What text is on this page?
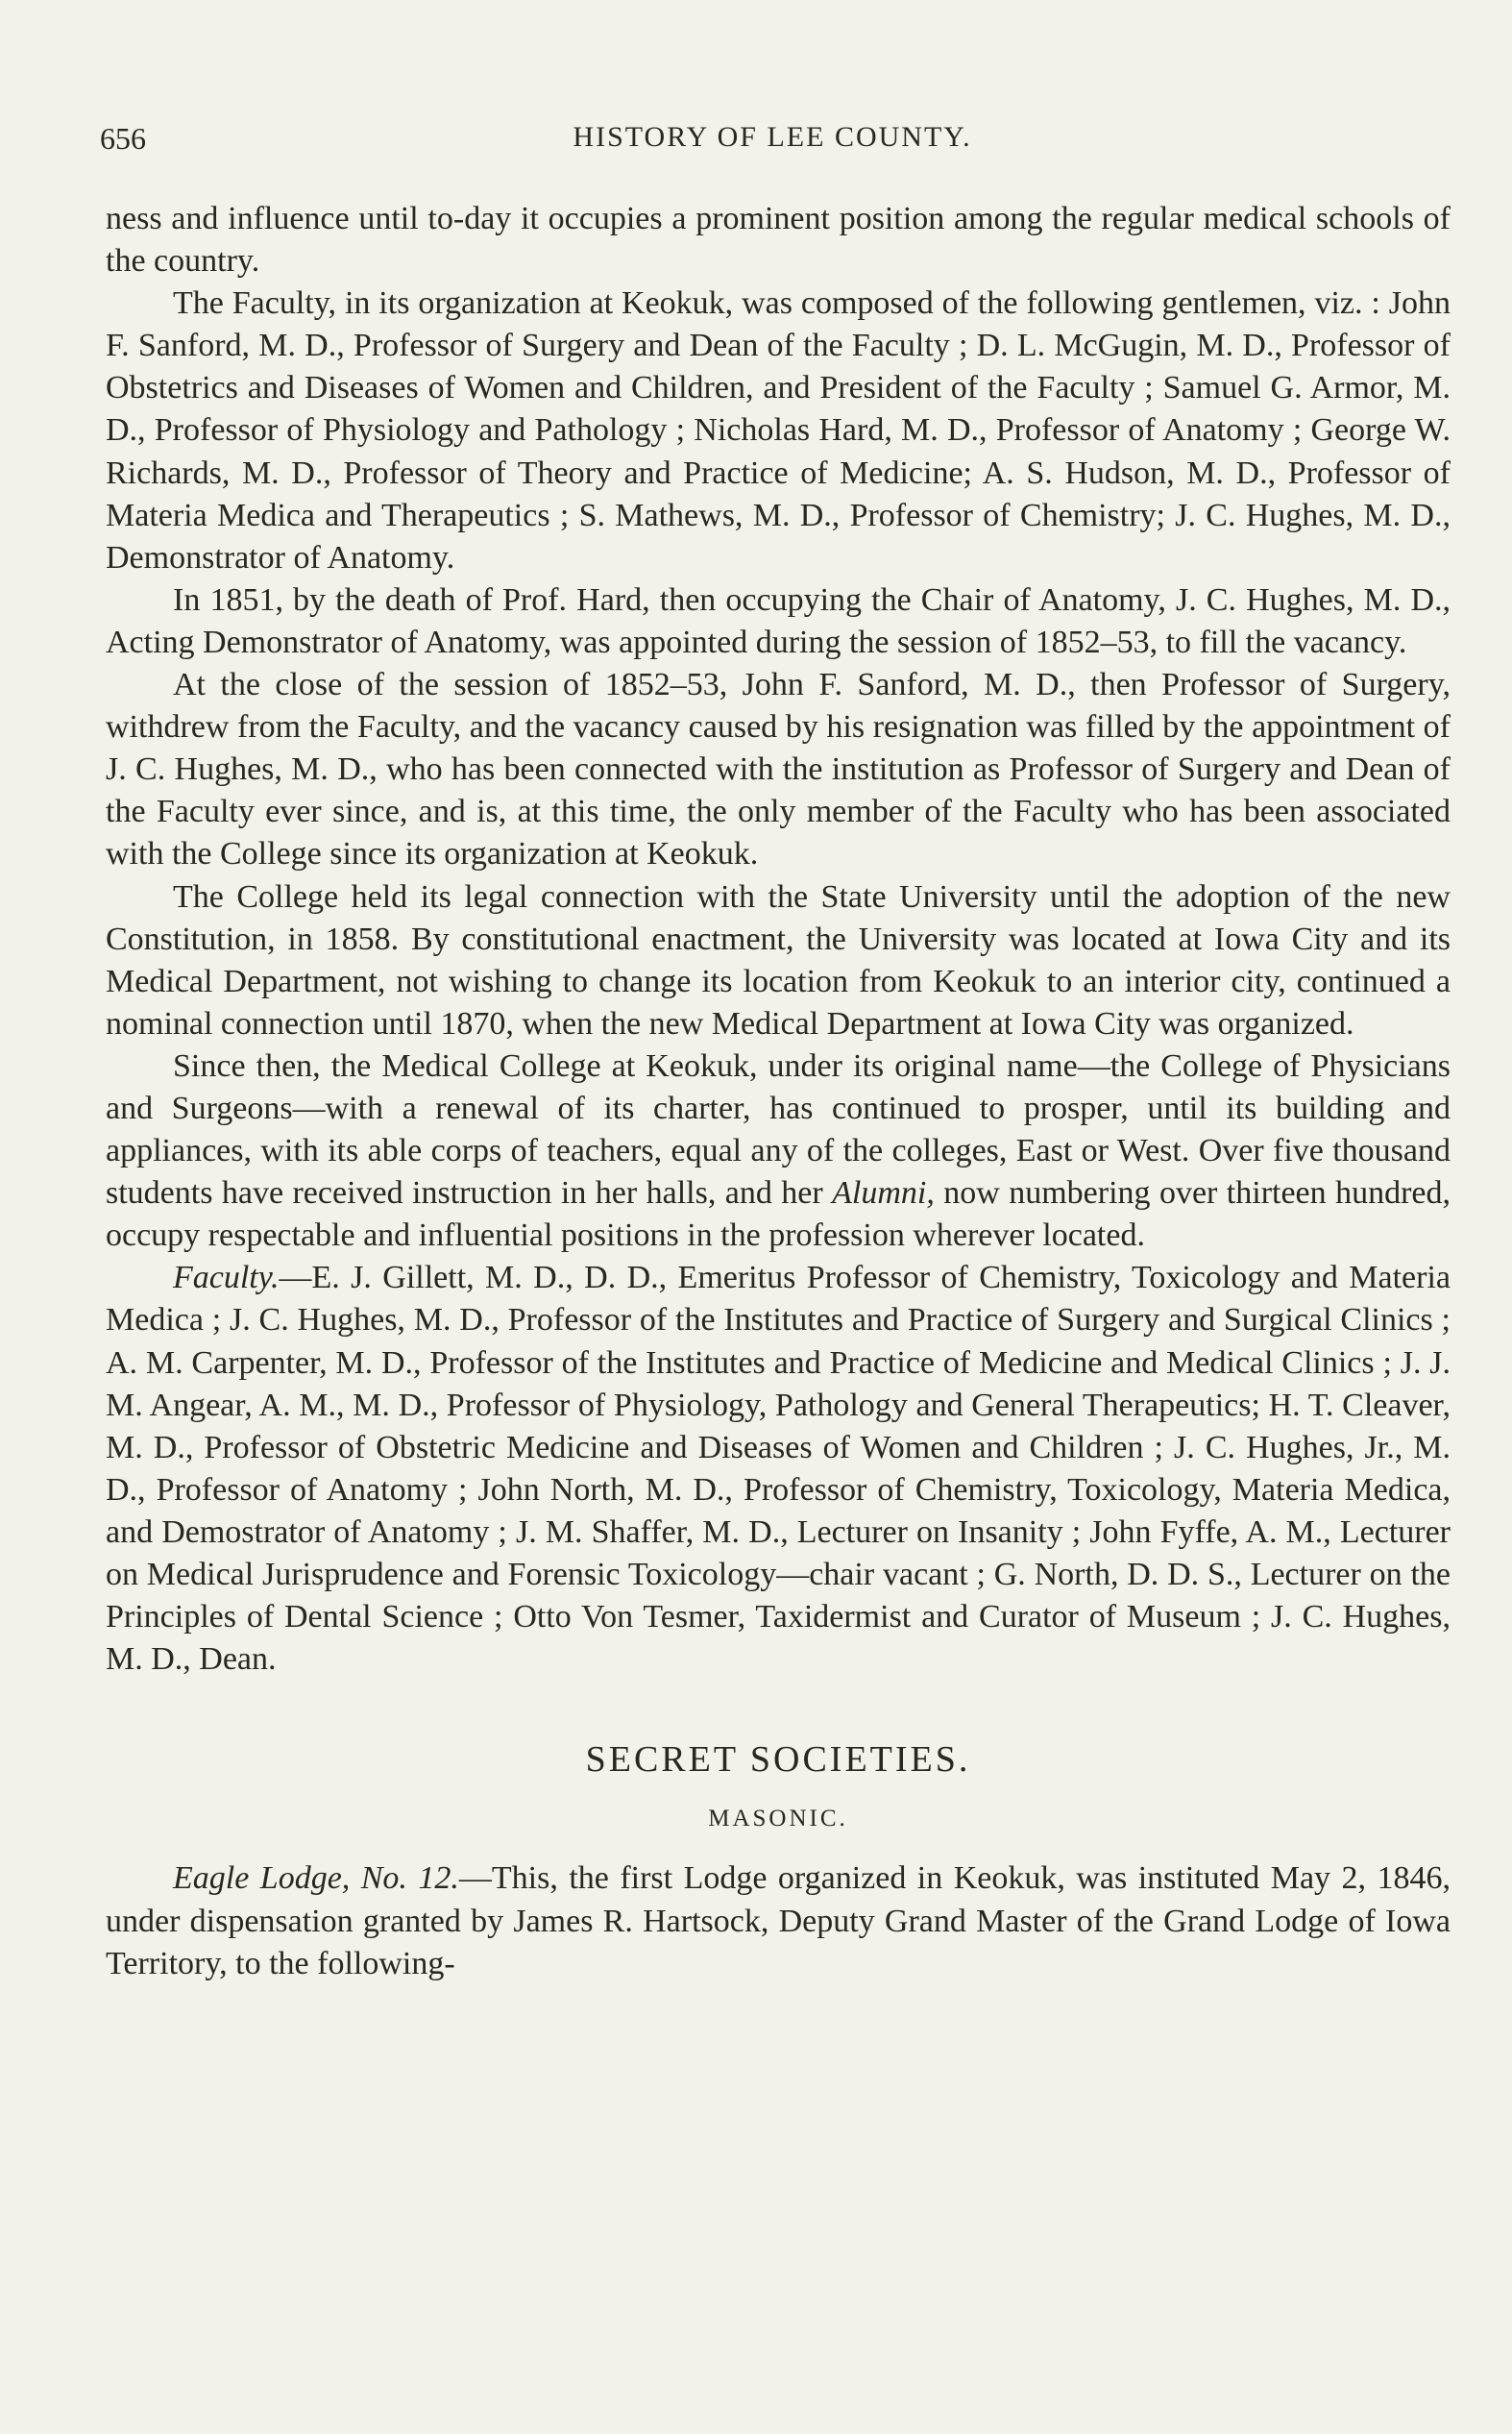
656	HISTORY OF LEE COUNTY.

ness and influence until to-day it occupies a prominent position among the regular medical schools of the country.

The Faculty, in its organization at Keokuk, was composed of the following gentlemen, viz. : John F. Sanford, M. D., Professor of Surgery and Dean of the Faculty ; D. L. McGugin, M. D., Professor of Obstetrics and Diseases of Women and Children, and President of the Faculty ; Samuel G. Armor, M. D., Professor of Physiology and Pathology ; Nicholas Hard, M. D., Professor of Anatomy ; George W. Richards, M. D., Professor of Theory and Practice of Medicine; A. S. Hudson, M. D., Professor of Materia Medica and Therapeutics ; S. Mathews, M. D., Professor of Chemistry; J. C. Hughes, M. D., Demonstrator of Anatomy.

In 1851, by the death of Prof. Hard, then occupying the Chair of Anatomy, J. C. Hughes, M. D., Acting Demonstrator of Anatomy, was appointed during the session of 1852–53, to fill the vacancy.

At the close of the session of 1852–53, John F. Sanford, M. D., then Professor of Surgery, withdrew from the Faculty, and the vacancy caused by his resignation was filled by the appointment of J. C. Hughes, M. D., who has been connected with the institution as Professor of Surgery and Dean of the Faculty ever since, and is, at this time, the only member of the Faculty who has been associated with the College since its organization at Keokuk.

The College held its legal connection with the State University until the adoption of the new Constitution, in 1858. By constitutional enactment, the University was located at Iowa City and its Medical Department, not wishing to change its location from Keokuk to an interior city, continued a nominal connection until 1870, when the new Medical Department at Iowa City was organized.

Since then, the Medical College at Keokuk, under its original name—the College of Physicians and Surgeons—with a renewal of its charter, has continued to prosper, until its building and appliances, with its able corps of teachers, equal any of the colleges, East or West. Over five thousand students have received instruction in her halls, and her Alumni, now numbering over thirteen hundred, occupy respectable and influential positions in the profession wherever located.

Faculty.—E. J. Gillett, M. D., D. D., Emeritus Professor of Chemistry, Toxicology and Materia Medica ; J. C. Hughes, M. D., Professor of the Institutes and Practice of Surgery and Surgical Clinics ; A. M. Carpenter, M. D., Professor of the Institutes and Practice of Medicine and Medical Clinics ; J. J. M. Angear, A. M., M. D., Professor of Physiology, Pathology and General Therapeutics; H. T. Cleaver, M. D., Professor of Obstetric Medicine and Diseases of Women and Children ; J. C. Hughes, Jr., M. D., Professor of Anatomy ; John North, M. D., Professor of Chemistry, Toxicology, Materia Medica, and Demostrator of Anatomy ; J. M. Shaffer, M. D., Lecturer on Insanity ; John Fyffe, A. M., Lecturer on Medical Jurisprudence and Forensic Toxicology—chair vacant ; G. North, D. D. S., Lecturer on the Principles of Dental Science ; Otto Von Tesmer, Taxidermist and Curator of Museum ; J. C. Hughes, M. D., Dean.

SECRET SOCIETIES.
MASONIC.

Eagle Lodge, No. 12.—This, the first Lodge organized in Keokuk, was instituted May 2, 1846, under dispensation granted by James R. Hartsock, Deputy Grand Master of the Grand Lodge of Iowa Territory, to the following-
